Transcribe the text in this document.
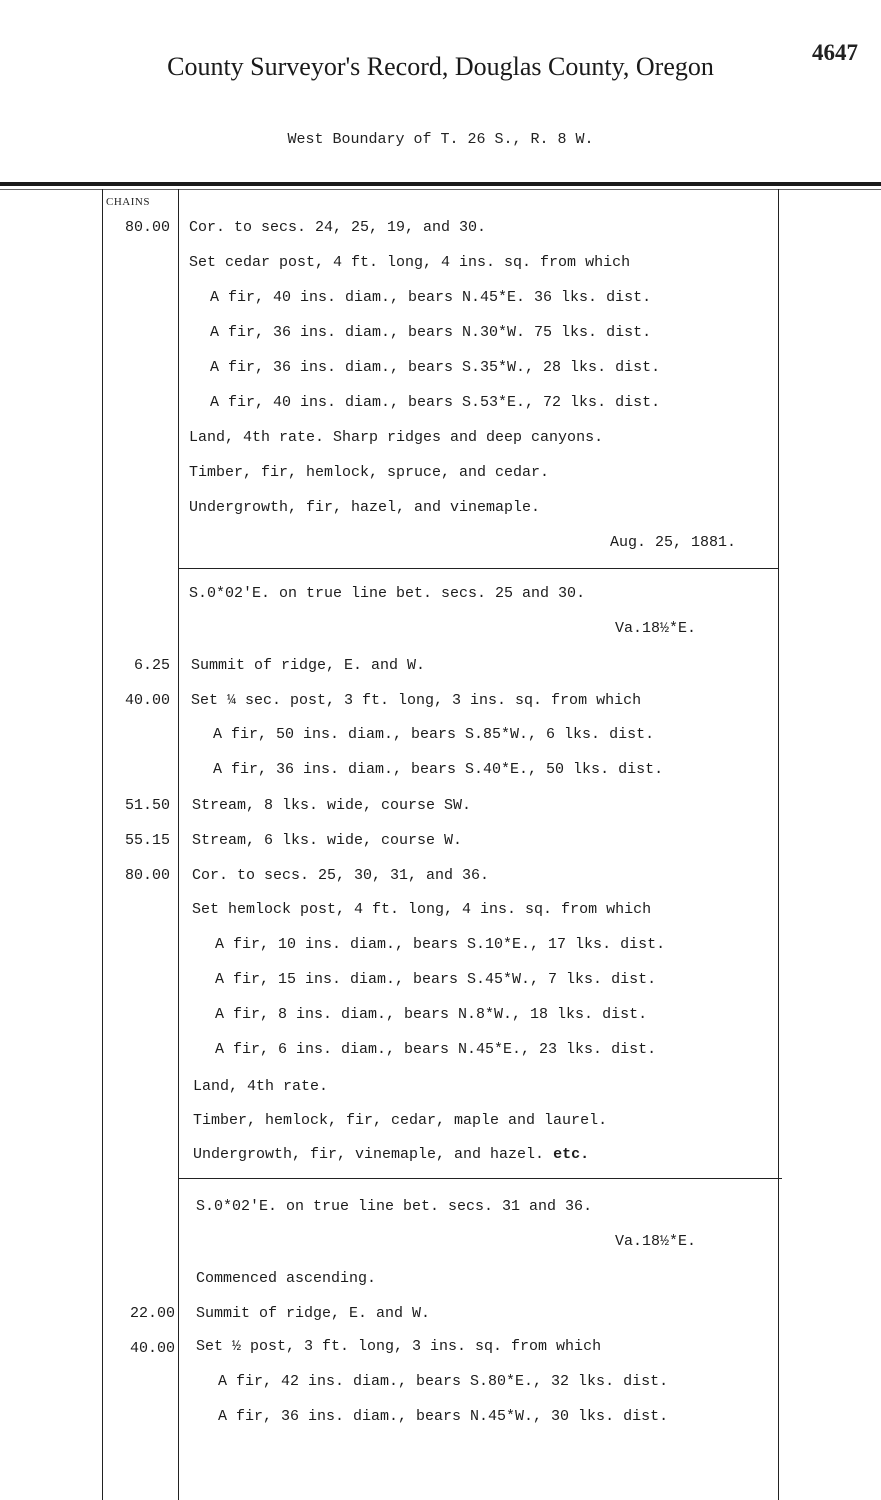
County Surveyor's Record, Douglas County, Oregon	4647
West Boundary of T. 26 S., R. 8 W.
CHAINS
80.00 Cor. to secs. 24, 25, 19, and 30.
Set cedar post, 4 ft. long, 4 ins. sq. from which
A fir, 40 ins. diam., bears N.45*E. 36 lks. dist.
A fir, 36 ins. diam., bears N.30*W. 75 lks. dist.
A fir, 36 ins. diam., bears S.35*W., 28 lks. dist.
A fir, 40 ins. diam., bears S.53*E., 72 lks. dist.
Land, 4th rate. Sharp ridges and deep canyons.
Timber, fir, hemlock, spruce, and cedar.
Undergrowth, fir, hazel, and vinemaple.
Aug. 25, 1881.
S.0*02'E. on true line bet. secs. 25 and 30.
Va.18½*E.
6.25 Summit of ridge, E. and W.
40.00 Set ¼ sec. post, 3 ft. long, 3 ins. sq. from which
A fir, 50 ins. diam., bears S.85*W., 6 lks. dist.
A fir, 36 ins. diam., bears S.40*E., 50 lks. dist.
51.50 Stream, 8 lks. wide, course SW.
55.15 Stream, 6 lks. wide, course W.
80.00 Cor. to secs. 25, 30, 31, and 36.
Set hemlock post, 4 ft. long, 4 ins. sq. from which
A fir, 10 ins. diam., bears S.10*E., 17 lks. dist.
A fir, 15 ins. diam., bears S.45*W., 7 lks. dist.
A fir, 8 ins. diam., bears N.8*W., 18 lks. dist.
A fir, 6 ins. diam., bears N.45*E., 23 lks. dist.
Land, 4th rate.
Timber, hemlock, fir, cedar, maple and laurel.
Undergrowth, fir, vinemaple, and hazel. etc.
S.0*02'E. on true line bet. secs. 31 and 36.
Va.18½*E.
Commenced ascending.
22.00 Summit of ridge, E. and W.
40.00 Set ½ post, 3 ft. long, 3 ins. sq. from which
A fir, 42 ins. diam., bears S.80*E., 32 lks. dist.
A fir, 36 ins. diam., bears N.45*W., 30 lks. dist.
